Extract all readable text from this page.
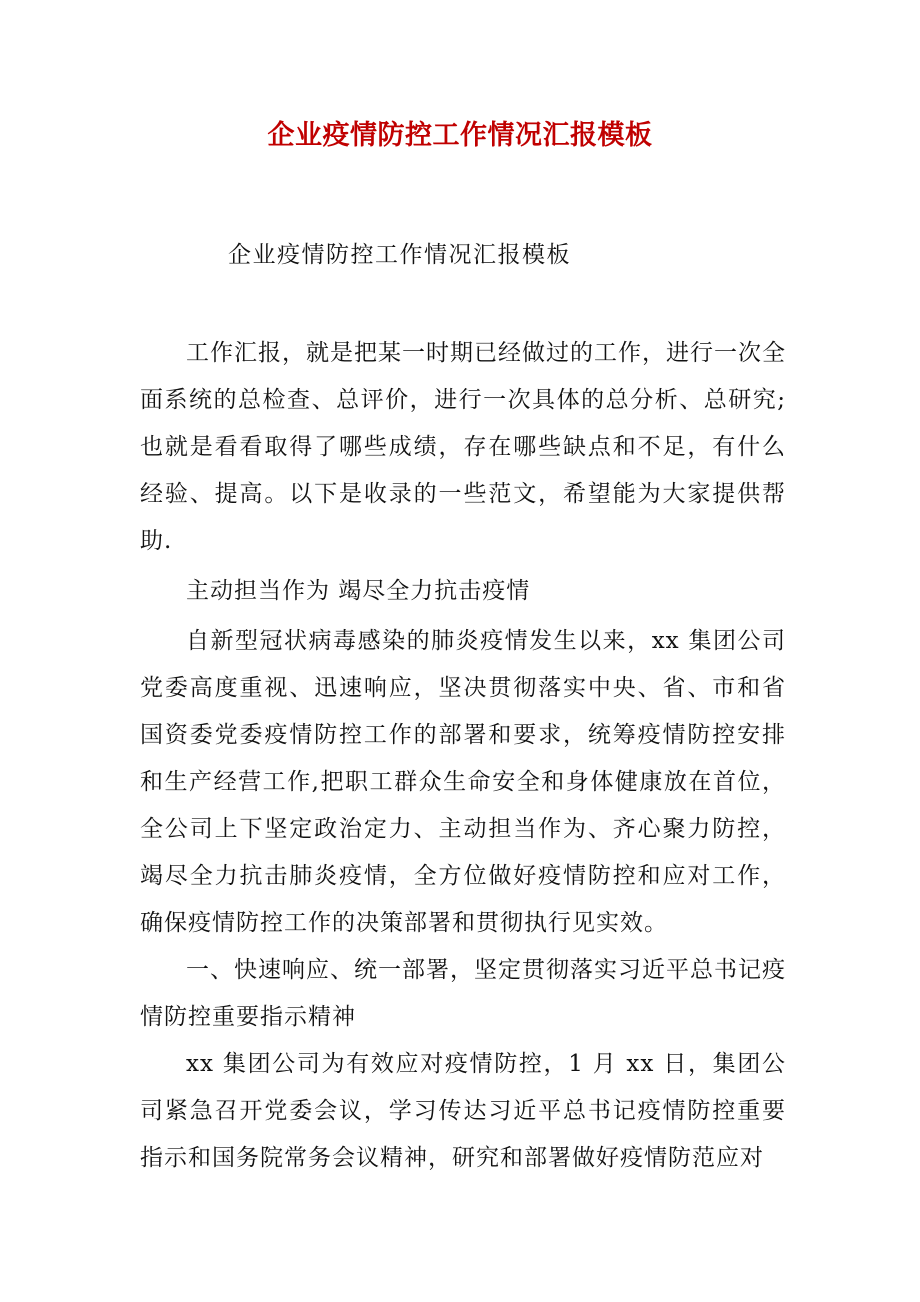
企业疫情防控工作情况汇报模板
企业疫情防控工作情况汇报模板

工作汇报，就是把某一时期已经做过的工作，进行一次全面系统的总检查、总评价，进行一次具体的总分析、总研究;也就是看看取得了哪些成绩，存在哪些缺点和不足，有什么经验、提高。以下是收录的一些范文，希望能为大家提供帮助.

主动担当作为 竭尽全力抗击疫情

自新型冠状病毒感染的肺炎疫情发生以来，xx 集团公司党委高度重视、迅速响应，坚决贯彻落实中央、省、市和省国资委党委疫情防控工作的部署和要求，统筹疫情防控安排和生产经营工作,把职工群众生命安全和身体健康放在首位，全公司上下坚定政治定力、主动担当作为、齐心聚力防控，竭尽全力抗击肺炎疫情，全方位做好疫情防控和应对工作，确保疫情防控工作的决策部署和贯彻执行见实效。

一、快速响应、统一部署，坚定贯彻落实习近平总书记疫情防控重要指示精神

xx 集团公司为有效应对疫情防控，1 月 xx 日，集团公司紧急召开党委会议，学习传达习近平总书记疫情防控重要指示和国务院常务会议精神，研究和部署做好疫情防范应对
